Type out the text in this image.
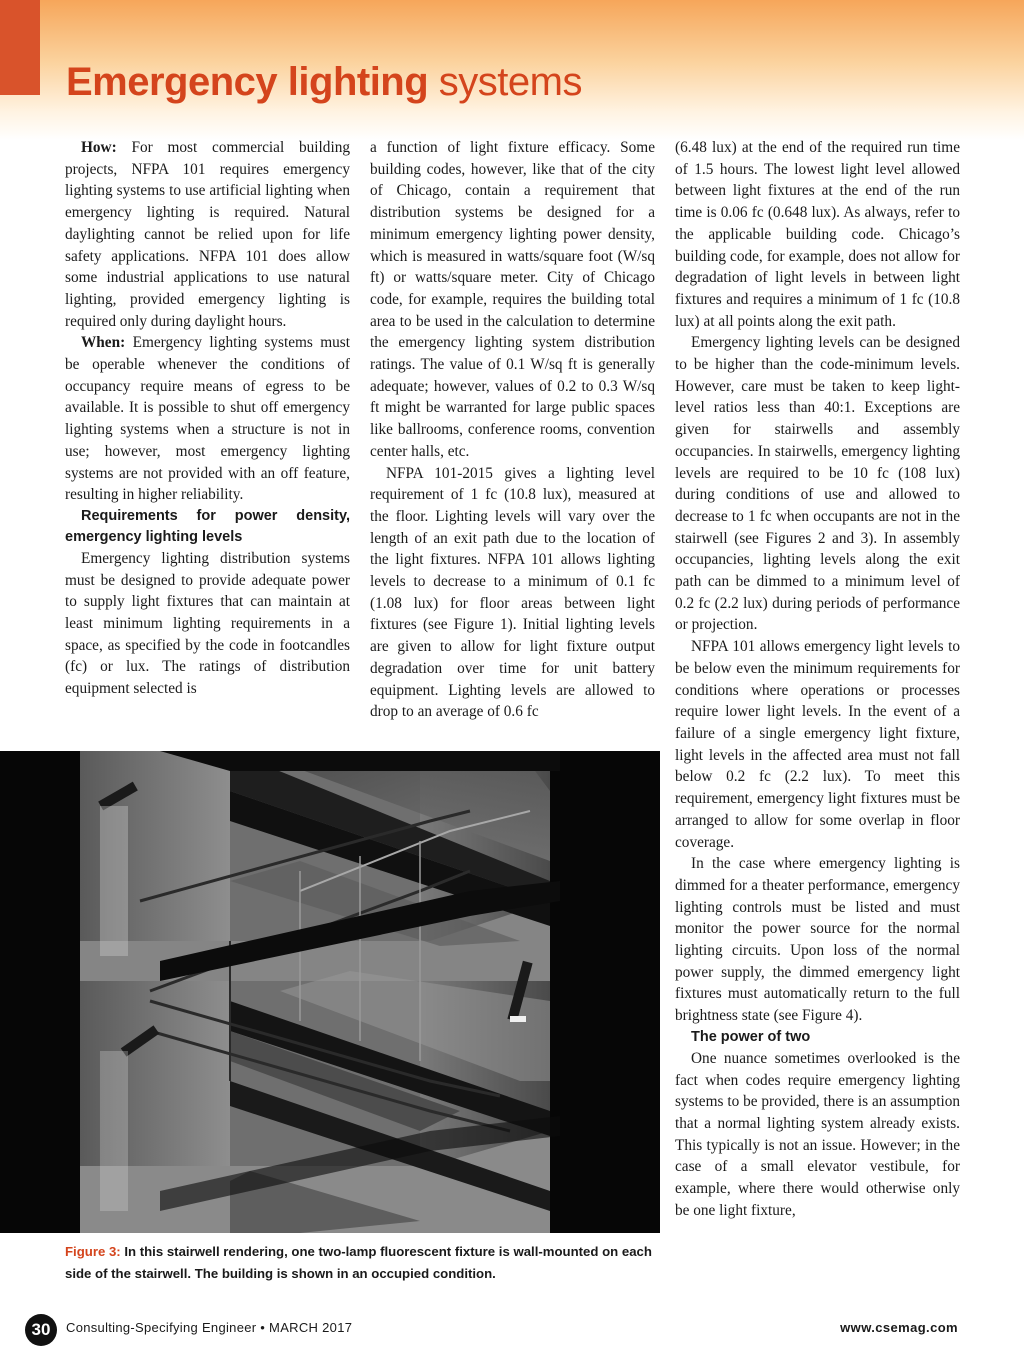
Emergency lighting systems

How: For most commercial building projects, NFPA 101 requires emergency lighting systems to use artificial lighting when emergency lighting is required. Natural daylighting cannot be relied upon for life safety applications. NFPA 101 does allow some industrial applications to use natural lighting, provided emergency lighting is required only during daylight hours.

When: Emergency lighting systems must be operable whenever the conditions of occupancy require means of egress to be available. It is possible to shut off emergency lighting systems when a structure is not in use; however, most emergency lighting systems are not provided with an off feature, resulting in higher reliability.

Requirements for power density, emergency lighting levels

Emergency lighting distribution systems must be designed to provide adequate power to supply light fixtures that can maintain at least minimum lighting requirements in a space, as specified by the code in footcandles (fc) or lux. The ratings of distribution equipment selected is

a function of light fixture efficacy. Some building codes, however, like that of the city of Chicago, contain a requirement that distribution systems be designed for a minimum emergency lighting power density, which is measured in watts/square foot (W/sq ft) or watts/square meter. City of Chicago code, for example, requires the building total area to be used in the calculation to determine the emergency lighting system distribution ratings. The value of 0.1 W/sq ft is generally adequate; however, values of 0.2 to 0.3 W/sq ft might be warranted for large public spaces like ballrooms, conference rooms, convention center halls, etc.

NFPA 101-2015 gives a lighting level requirement of 1 fc (10.8 lux), measured at the floor. Lighting levels will vary over the length of an exit path due to the location of the light fixtures. NFPA 101 allows lighting levels to decrease to a minimum of 0.1 fc (1.08 lux) for floor areas between light fixtures (see Figure 1). Initial lighting levels are given to allow for light fixture output degradation over time for unit battery equipment. Lighting levels are allowed to drop to an average of 0.6 fc

(6.48 lux) at the end of the required run time of 1.5 hours. The lowest light level allowed between light fixtures at the end of the run time is 0.06 fc (0.648 lux). As always, refer to the applicable building code. Chicago’s building code, for example, does not allow for degradation of light levels in between light fixtures and requires a minimum of 1 fc (10.8 lux) at all points along the exit path.

Emergency lighting levels can be designed to be higher than the code-minimum levels. However, care must be taken to keep light-level ratios less than 40:1. Exceptions are given for stairwells and assembly occupancies. In stairwells, emergency lighting levels are required to be 10 fc (108 lux) during conditions of use and allowed to decrease to 1 fc when occupants are not in the stairwell (see Figures 2 and 3). In assembly occupancies, lighting levels along the exit path can be dimmed to a minimum level of 0.2 fc (2.2 lux) during periods of performance or projection.

NFPA 101 allows emergency light levels to be below even the minimum requirements for conditions where operations or processes require lower light levels. In the event of a failure of a single emergency light fixture, light levels in the affected area must not fall below 0.2 fc (2.2 lux). To meet this requirement, emergency light fixtures must be arranged to allow for some overlap in floor coverage.

In the case where emergency lighting is dimmed for a theater performance, emergency lighting controls must be listed and must monitor the power source for the normal lighting circuits. Upon loss of the normal power supply, the dimmed emergency light fixtures must automatically return to the full brightness state (see Figure 4).

The power of two

One nuance sometimes overlooked is the fact when codes require emergency lighting systems to be provided, there is an assumption that a normal lighting system already exists. This typically is not an issue. However; in the case of a small elevator vestibule, for example, where there would otherwise only be one light fixture,

Figure 3: In this stairwell rendering, one two-lamp fluorescent fixture is wall-mounted on each side of the stairwell. The building is shown in an occupied condition.
30	Consulting-Specifying Engineer • MARCH 2017	www.csemag.com
